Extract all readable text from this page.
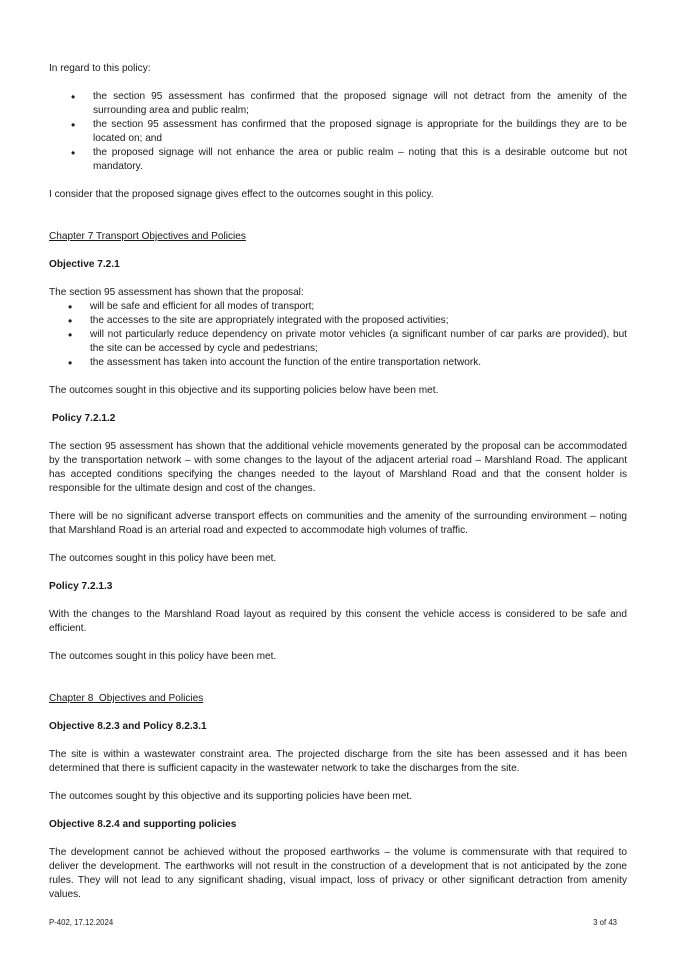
In regard to this policy:

• the section 95 assessment has confirmed that the proposed signage will not detract from the amenity of the surrounding area and public realm;
• the section 95 assessment has confirmed that the proposed signage is appropriate for the buildings they are to be located on; and
• the proposed signage will not enhance the area or public realm – noting that this is a desirable outcome but not mandatory.

I consider that the proposed signage gives effect to the outcomes sought in this policy.

Chapter 7 Transport Objectives and Policies

Objective 7.2.1

The section 95 assessment has shown that the proposal:

• will be safe and efficient for all modes of transport;
• the accesses to the site are appropriately integrated with the proposed activities;
• will not particularly reduce dependency on private motor vehicles (a significant number of car parks are provided), but the site can be accessed by cycle and pedestrians;
• the assessment has taken into account the function of the entire transportation network.

The outcomes sought in this objective and its supporting policies below have been met.

Policy 7.2.1.2

The section 95 assessment has shown that the additional vehicle movements generated by the proposal can be accommodated by the transportation network – with some changes to the layout of the adjacent arterial road – Marshland Road. The applicant has accepted conditions specifying the changes needed to the layout of Marshland Road and that the consent holder is responsible for the ultimate design and cost of the changes.

There will be no significant adverse transport effects on communities and the amenity of the surrounding environment – noting that Marshland Road is an arterial road and expected to accommodate high volumes of traffic.

The outcomes sought in this policy have been met.

Policy 7.2.1.3

With the changes to the Marshland Road layout as required by this consent the vehicle access is considered to be safe and efficient.

The outcomes sought in this policy have been met.

Chapter 8  Objectives and Policies

Objective 8.2.3 and Policy 8.2.3.1

The site is within a wastewater constraint area. The projected discharge from the site has been assessed and it has been determined that there is sufficient capacity in the wastewater network to take the discharges from the site.

The outcomes sought by this objective and its supporting policies have been met.

Objective 8.2.4 and supporting policies

The development cannot be achieved without the proposed earthworks – the volume is commensurate with that required to deliver the development. The earthworks will not result in the construction of a development that is not anticipated by the zone rules. They will not lead to any significant shading, visual impact, loss of privacy or other significant detraction from amenity values.

P-402, 17.12.2024	3 of 43
